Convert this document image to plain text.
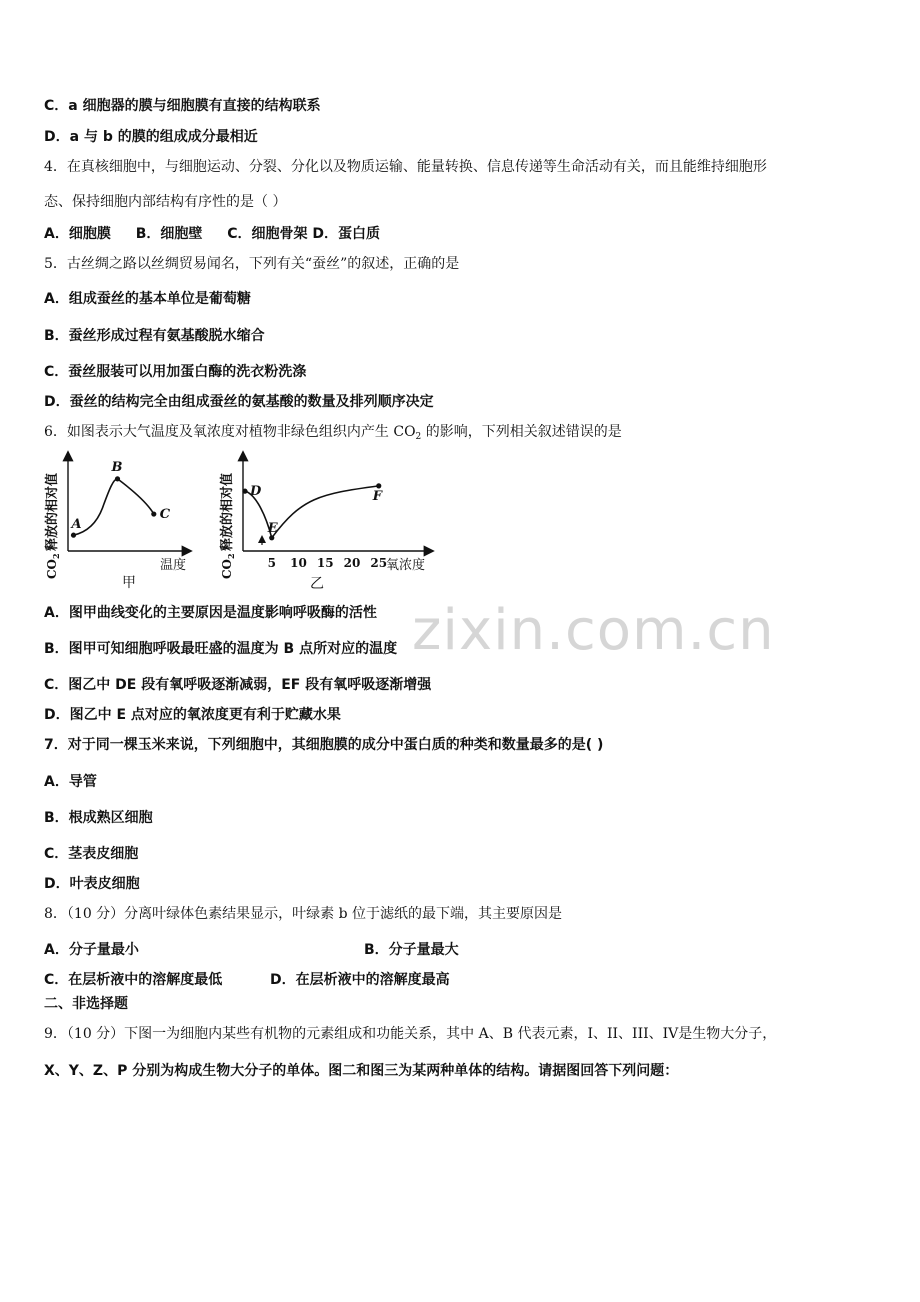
C．a 细胞器的膜与细胞膜有直接的结构联系
D．a 与 b 的膜的组成成分最相近
4．在真核细胞中，与细胞运动、分裂、分化以及物质运输、能量转换、信息传递等生命活动有关，而且能维持细胞形
态、保持细胞内部结构有序性的是（ ）
A．细胞膜 B．细胞壁 C．细胞骨架 D．蛋白质
5．古丝绸之路以丝绸贸易闻名，下列有关“蚕丝”的叙述，正确的是
A．组成蚕丝的基本单位是葡萄糖
B．蚕丝形成过程有氨基酸脱水缩合
C．蚕丝服装可以用加蛋白酶的洗衣粉洗涤
D．蚕丝的结构完全由组成蚕丝的氨基酸的数量及排列顺序决定
6．如图表示大气温度及氧浓度对植物非绿色组织内产生 $CO_2$ 的影响，下列相关叙述错误的是
A
B
C
CO
2
释放的相对值
温度
甲
D
E
F
5 10 15 20 25
CO
2
释放的相对值
氧浓度
乙
A．图甲曲线变化的主要原因是温度影响呼吸酶的活性
B．图甲可知细胞呼吸最旺盛的温度为 B 点所对应的温度
C．图乙中 DE 段有氧呼吸逐渐减弱，EF 段有氧呼吸逐渐增强
D．图乙中 E 点对应的氧浓度更有利于贮藏水果
7．对于同一棵玉米来说，下列细胞中，其细胞膜的成分中蛋白质的种类和数量最多的是( )
A．导管
B．根成熟区细胞
C．茎表皮细胞
D．叶表皮细胞
8．（10 分）分离叶绿体色素结果显示，叶绿素 b 位于滤纸的最下端，其主要原因是
A．分子量最小	B．分子量最大
C．在层析液中的溶解度最低	D．在层析液中的溶解度最高
二、非选择题
9．（10 分）下图一为细胞内某些有机物的元素组成和功能关系，其中 A、B 代表元素，I、II、III、IV是生物大分子，
X、Y、Z、P 分别为构成生物大分子的单体。图二和图三为某两种单体的结构。请据图回答下列问题：
zixin.com.cn
